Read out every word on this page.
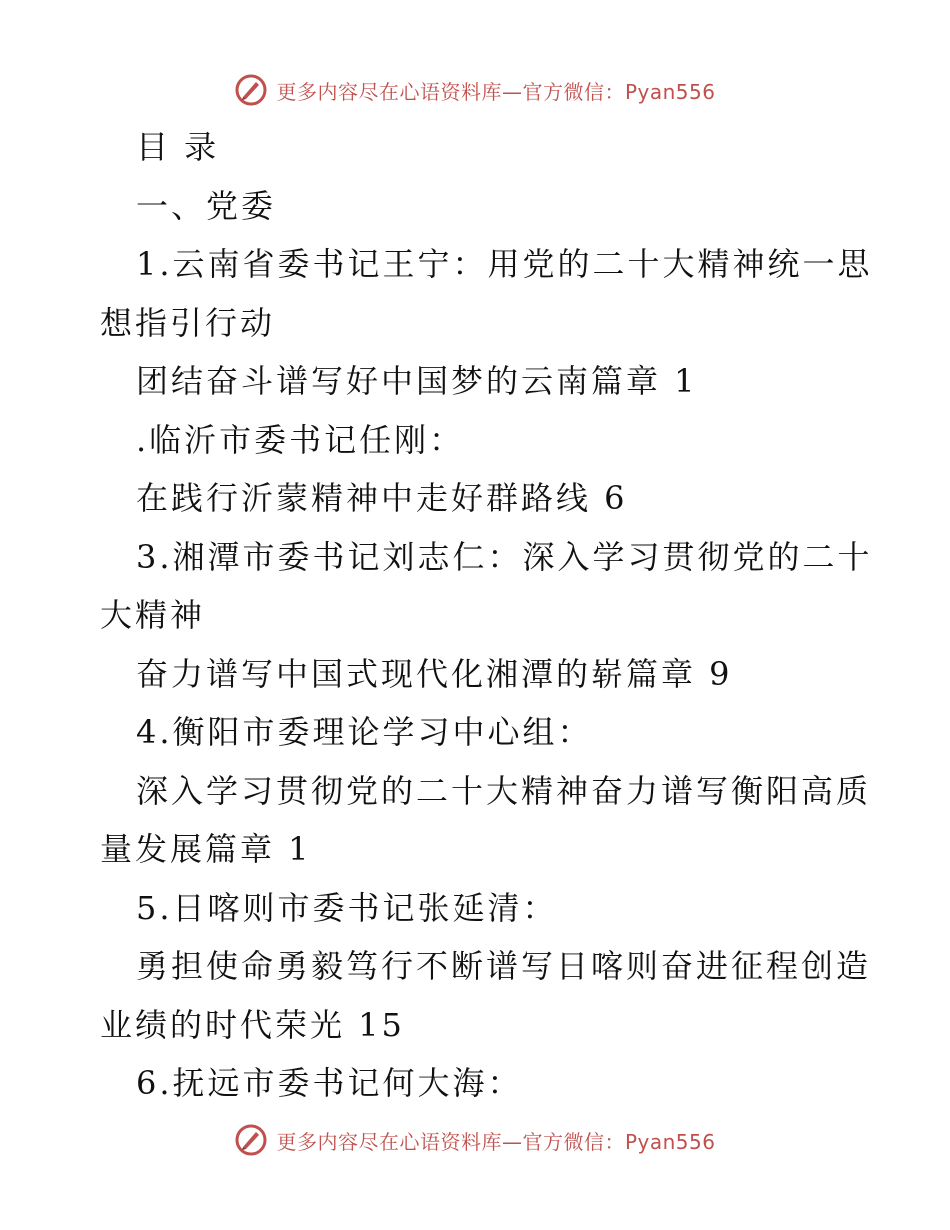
更多内容尽在心语资料库—官方微信：Pyan556
目 录
一、党委
1.云南省委书记王宁：用党的二十大精神统一思
想指引行动
团结奋斗谱写好中国梦的云南篇章 1
.临沂市委书记任刚：
在践行沂蒙精神中走好群路线 6
3.湘潭市委书记刘志仁：深入学习贯彻党的二十
大精神
奋力谱写中国式现代化湘潭的崭篇章 9
4.衡阳市委理论学习中心组：
深入学习贯彻党的二十大精神奋力谱写衡阳高质
量发展篇章 1
5.日喀则市委书记张延清：
勇担使命勇毅笃行不断谱写日喀则奋进征程创造
业绩的时代荣光 15
6.抚远市委书记何大海：
更多内容尽在心语资料库—官方微信：Pyan556
